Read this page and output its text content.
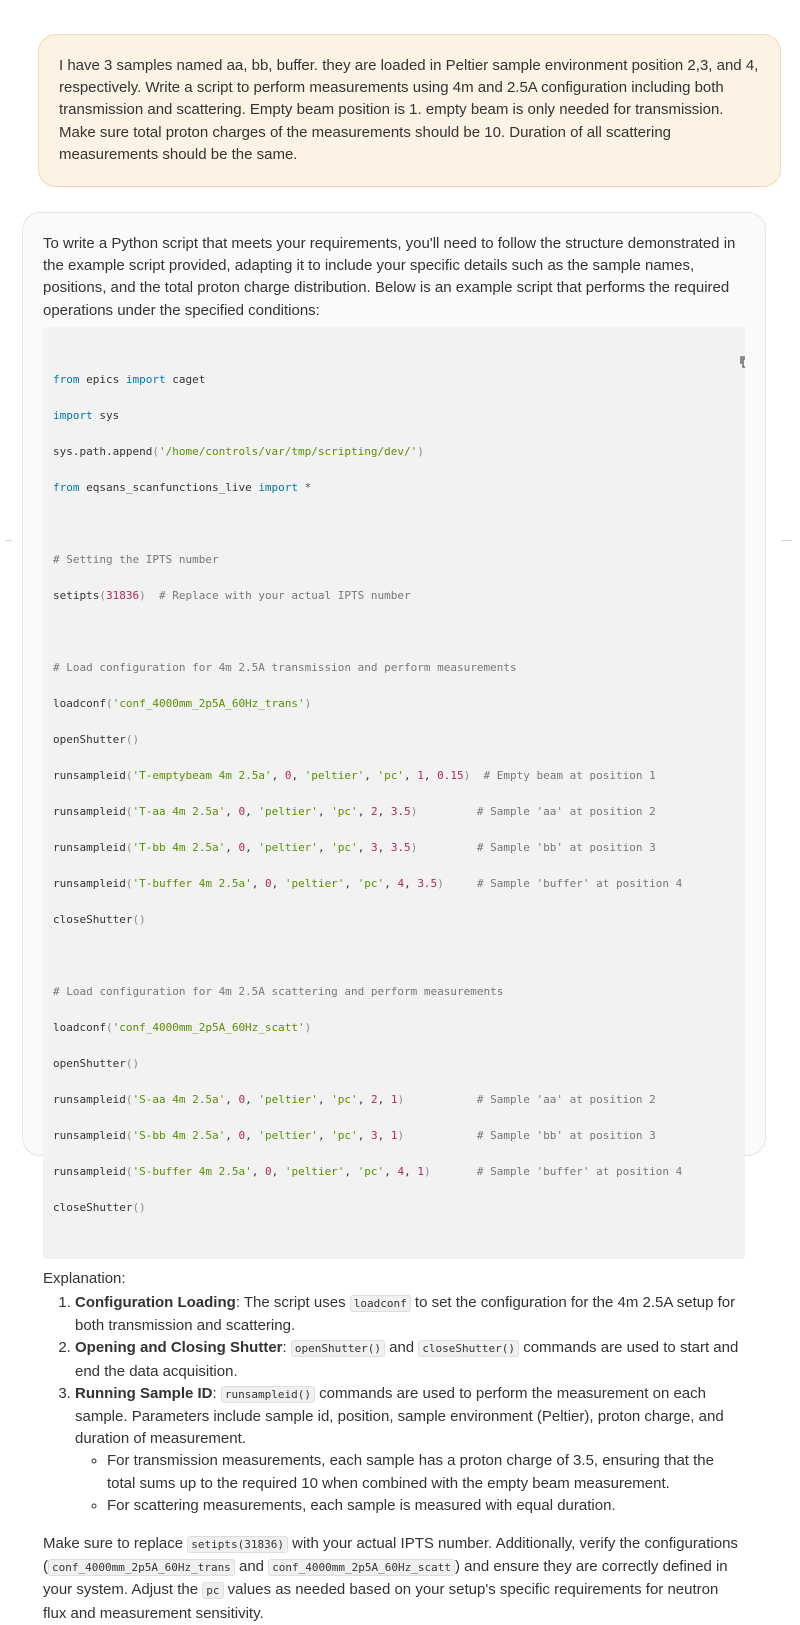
I have 3 samples named aa, bb, buffer. they are loaded in Peltier sample environment position 2,3, and 4, respectively. Write a script to perform measurements using 4m and 2.5A configuration including both transmission and scattering. Empty beam position is 1. empty beam is only needed for transmission. Make sure total proton charges of the measurements should be 10. Duration of all scattering measurements should be the same.

To write a Python script that meets your requirements, you'll need to follow the structure demonstrated in the example script provided, adapting it to include your specific details such as the sample names, positions, and the total proton charge distribution. Below is an example script that performs the required operations under the specified conditions:

from epics import caget

import sys

sys.path.append('/home/controls/var/tmp/scripting/dev/')

from eqsans_scanfunctions_live import *

# Setting the IPTS number

setipts(31836)  # Replace with your actual IPTS number

# Load configuration for 4m 2.5A transmission and perform measurements

loadconf('conf_4000mm_2p5A_60Hz_trans')

openShutter()

runsampleid('T-emptybeam 4m 2.5a', 0, 'peltier', 'pc', 1, 0.15) # Empty beam at position 1

runsampleid('T-aa 4m 2.5a', 0, 'peltier', 'pc', 2, 3.5)	# Sample 'aa' at position 2

runsampleid('T-bb 4m 2.5a', 0, 'peltier', 'pc', 3, 3.5)	# Sample 'bb' at position 3

runsampleid('T-buffer 4m 2.5a', 0, 'peltier', 'pc', 4, 3.5)	# Sample 'buffer' at position 4

closeShutter()

# Load configuration for 4m 2.5A scattering and perform measurements

loadconf('conf_4000mm_2p5A_60Hz_scatt')

openShutter()

runsampleid('S-aa 4m 2.5a', 0, 'peltier', 'pc', 2, 1)	# Sample 'aa' at position 2

runsampleid('S-bb 4m 2.5a', 0, 'peltier', 'pc', 3, 1)	# Sample 'bb' at position 3

runsampleid('S-buffer 4m 2.5a', 0, 'peltier', 'pc', 4, 1)	# Sample 'buffer' at position 4

closeShutter()

Explanation:
1. Configuration Loading: The script uses loadconf to set the configuration for the 4m 2.5A setup for both transmission and scattering.
2. Opening and Closing Shutter: openShutter() and closeShutter() commands are used to start and end the data acquisition.
3. Running Sample ID: runsampleid() commands are used to perform the measurement on each sample. Parameters include sample id, position, sample environment (Peltier), proton charge, and duration of measurement.
◦ For transmission measurements, each sample has a proton charge of 3.5, ensuring that the total sums up to the required 10 when combined with the empty beam measurement.
◦ For scattering measurements, each sample is measured with equal duration.

Make sure to replace setipts(31836) with your actual IPTS number. Additionally, verify the configurations ( conf_4000mm_2p5A_60Hz_trans and conf_4000mm_2p5A_60Hz_scatt ) and ensure they are correctly defined in your system. Adjust the pc values as needed based on your setup's specific requirements for neutron flux and measurement sensitivity.
